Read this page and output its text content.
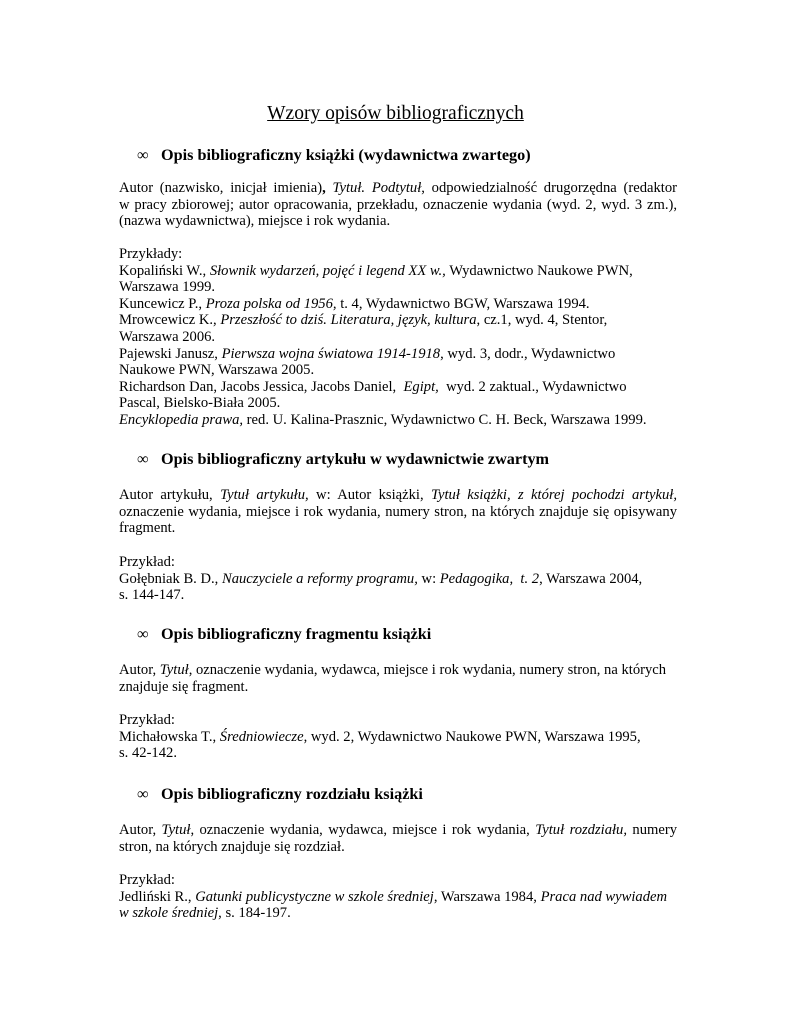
Wzory opisów bibliograficznych
∞ Opis bibliograficzny książki (wydawnictwa zwartego)
Autor (nazwisko, inicjał imienia), Tytuł. Podtytuł, odpowiedzialność drugorzędna (redaktor
w pracy zbiorowej; autor opracowania, przekładu, oznaczenie wydania (wyd. 2, wyd. 3 zm.),
(nazwa wydawnictwa), miejsce i rok wydania.
Przykłady:
Kopaliński W., Słownik wydarzeń, pojęć i legend XX w., Wydawnictwo Naukowe PWN,
Warszawa 1999.
Kuncewicz P., Proza polska od 1956, t. 4, Wydawnictwo BGW, Warszawa 1994.
Mrowcewicz K., Przeszłość to dziś. Literatura, język, kultura, cz.1, wyd. 4, Stentor,
Warszawa 2006.
Pajewski Janusz, Pierwsza wojna światowa 1914-1918, wyd. 3, dodr., Wydawnictwo
Naukowe PWN, Warszawa 2005.
Richardson Dan, Jacobs Jessica, Jacobs Daniel,  Egipt,  wyd. 2 zaktual., Wydawnictwo
Pascal, Bielsko-Biała 2005.
Encyklopedia prawa, red. U. Kalina-Prasznic, Wydawnictwo C. H. Beck, Warszawa 1999.
∞ Opis bibliograficzny artykułu w wydawnictwie zwartym
Autor artykułu, Tytuł artykułu, w: Autor książki, Tytuł książki, z której pochodzi artykuł,
oznaczenie wydania, miejsce i rok wydania, numery stron, na których znajduje się opisywany
fragment.
Przykład:
Gołębniak B. D., Nauczyciele a reformy programu, w: Pedagogika,  t. 2, Warszawa 2004,
s. 144-147.
∞ Opis bibliograficzny fragmentu książki
Autor, Tytuł, oznaczenie wydania, wydawca, miejsce i rok wydania, numery stron, na których
znajduje się fragment.
Przykład:
Michałowska T., Średniowiecze, wyd. 2, Wydawnictwo Naukowe PWN, Warszawa 1995,
s. 42-142.
∞ Opis bibliograficzny rozdziału książki
Autor, Tytuł, oznaczenie wydania, wydawca, miejsce i rok wydania, Tytuł rozdziału, numery
stron, na których znajduje się rozdział.
Przykład:
Jedliński R., Gatunki publicystyczne w szkole średniej, Warszawa 1984, Praca nad wywiadem
w szkole średniej, s. 184-197.
